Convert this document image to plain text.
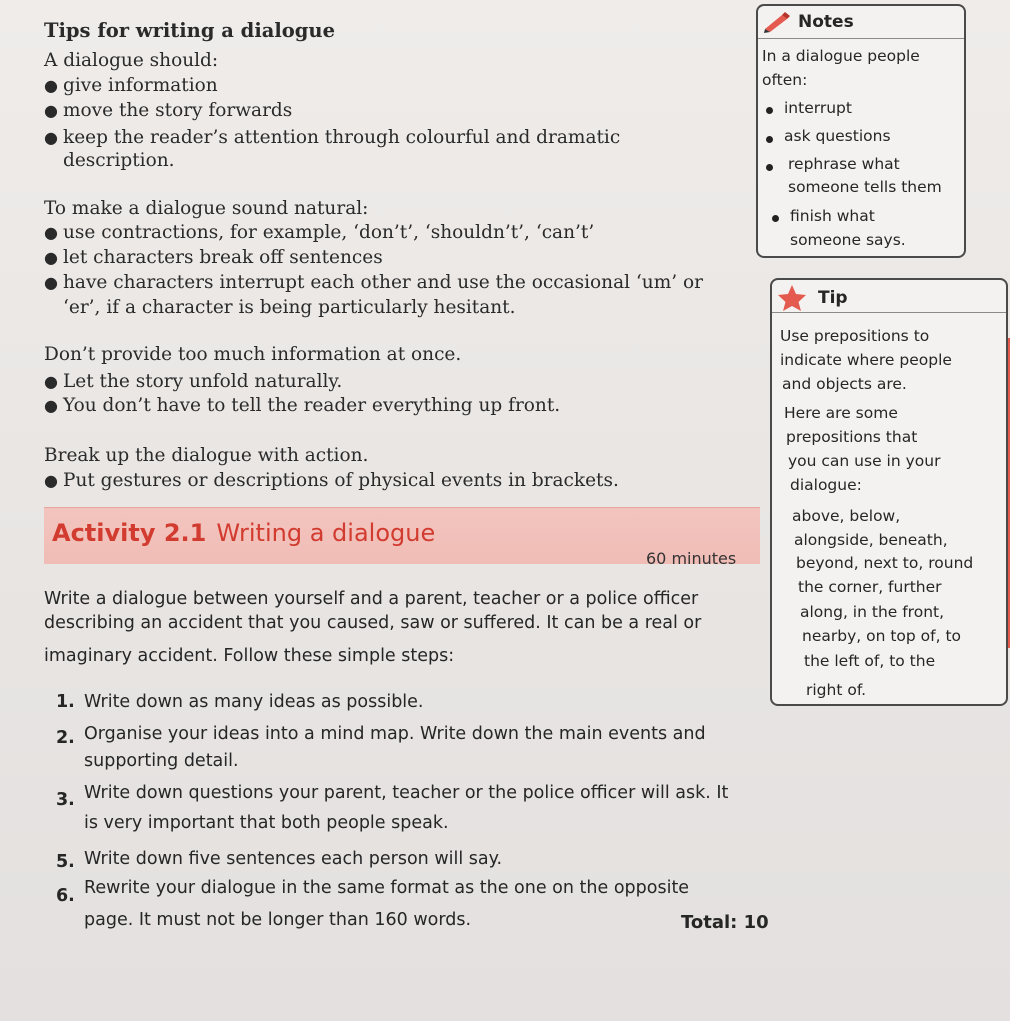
Tips for writing a dialogue
A dialogue should:
● give information
● move the story forwards
● keep the reader’s attention through colourful and dramatic
description.
To make a dialogue sound natural:
● use contractions, for example, ‘don’t’, ‘shouldn’t’, ‘can’t’
● let characters break off sentences
● have characters interrupt each other and use the occasional ‘um’ or
‘er’, if a character is being particularly hesitant.
Don’t provide too much information at once.
● Let the story unfold naturally.
● You don’t have to tell the reader everything up front.
Break up the dialogue with action.
● Put gestures or descriptions of physical events in brackets.
Activity 2.1 Writing a dialogue
60 minutes
Write a dialogue between yourself and a parent, teacher or a police officer
describing an accident that you caused, saw or suffered. It can be a real or
imaginary accident. Follow these simple steps:
1. Write down as many ideas as possible.
2. Organise your ideas into a mind map. Write down the main events and
supporting detail.
3. Write down questions your parent, teacher or the police officer will ask. It
is very important that both people speak.
5. Write down five sentences each person will say.
6. Rewrite your dialogue in the same format as the one on the opposite
page. It must not be longer than 160 words.	Total: 10
Notes
In a dialogue people
often:
interrupt
ask questions
rephrase what
someone tells them
finish what
someone says.
Tip
Use prepositions to
indicate where people
and objects are.
Here are some
prepositions that
you can use in your
dialogue:
above, below,
alongside, beneath,
beyond, next to, round
the corner, further
along, in the front,
nearby, on top of, to
the left of, to the
right of.
